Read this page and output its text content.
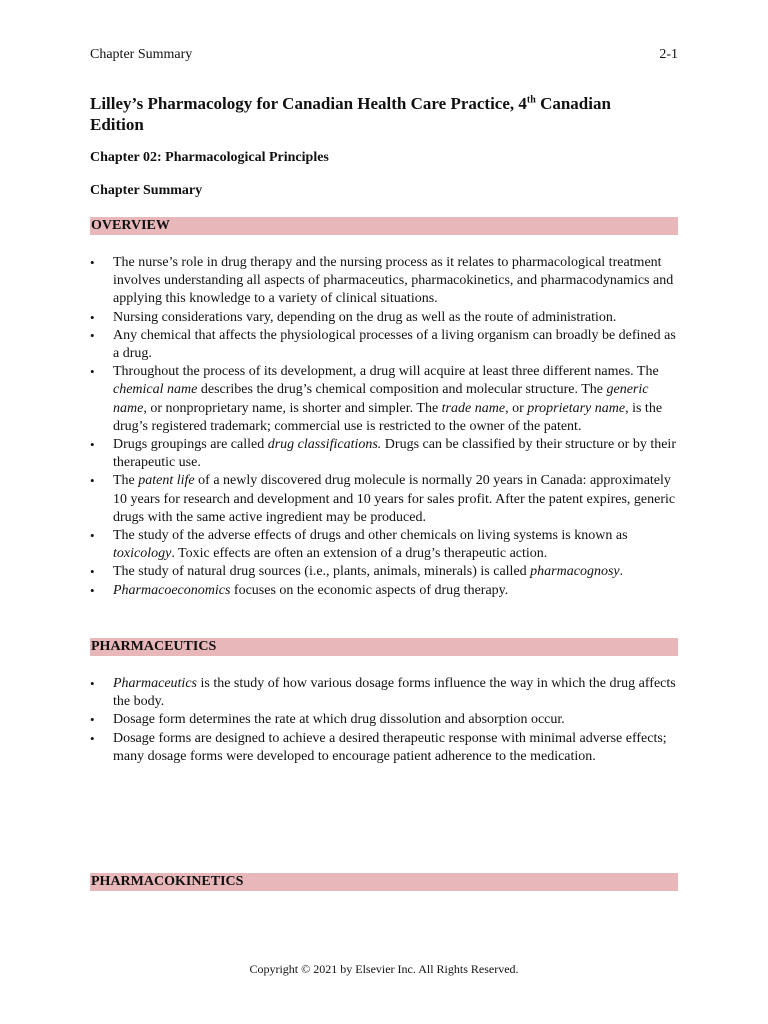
Chapter Summary	2-1
Lilley’s Pharmacology for Canadian Health Care Practice, 4th Canadian Edition
Chapter 02: Pharmacological Principles
Chapter Summary
OVERVIEW
•	The nurse’s role in drug therapy and the nursing process as it relates to pharmacological treatment involves understanding all aspects of pharmaceutics, pharmacokinetics, and pharmacodynamics and applying this knowledge to a variety of clinical situations.
•	Nursing considerations vary, depending on the drug as well as the route of administration.
•	Any chemical that affects the physiological processes of a living organism can broadly be defined as a drug.
•	Throughout the process of its development, a drug will acquire at least three different names. The chemical name describes the drug’s chemical composition and molecular structure. The generic name, or nonproprietary name, is shorter and simpler. The trade name, or proprietary name, is the drug’s registered trademark; commercial use is restricted to the owner of the patent.
•	Drugs groupings are called drug classifications. Drugs can be classified by their structure or by their therapeutic use.
•	The patent life of a newly discovered drug molecule is normally 20 years in Canada: approximately 10 years for research and development and 10 years for sales profit. After the patent expires, generic drugs with the same active ingredient may be produced.
•	The study of the adverse effects of drugs and other chemicals on living systems is known as toxicology. Toxic effects are often an extension of a drug’s therapeutic action.
•	The study of natural drug sources (i.e., plants, animals, minerals) is called pharmacognosy.
•	Pharmacoeconomics focuses on the economic aspects of drug therapy.
PHARMACEUTICS
•	Pharmaceutics is the study of how various dosage forms influence the way in which the drug affects the body.
•	Dosage form determines the rate at which drug dissolution and absorption occur.
•	Dosage forms are designed to achieve a desired therapeutic response with minimal adverse effects; many dosage forms were developed to encourage patient adherence to the medication.
PHARMACOKINETICS
Copyright © 2021 by Elsevier Inc. All Rights Reserved.
